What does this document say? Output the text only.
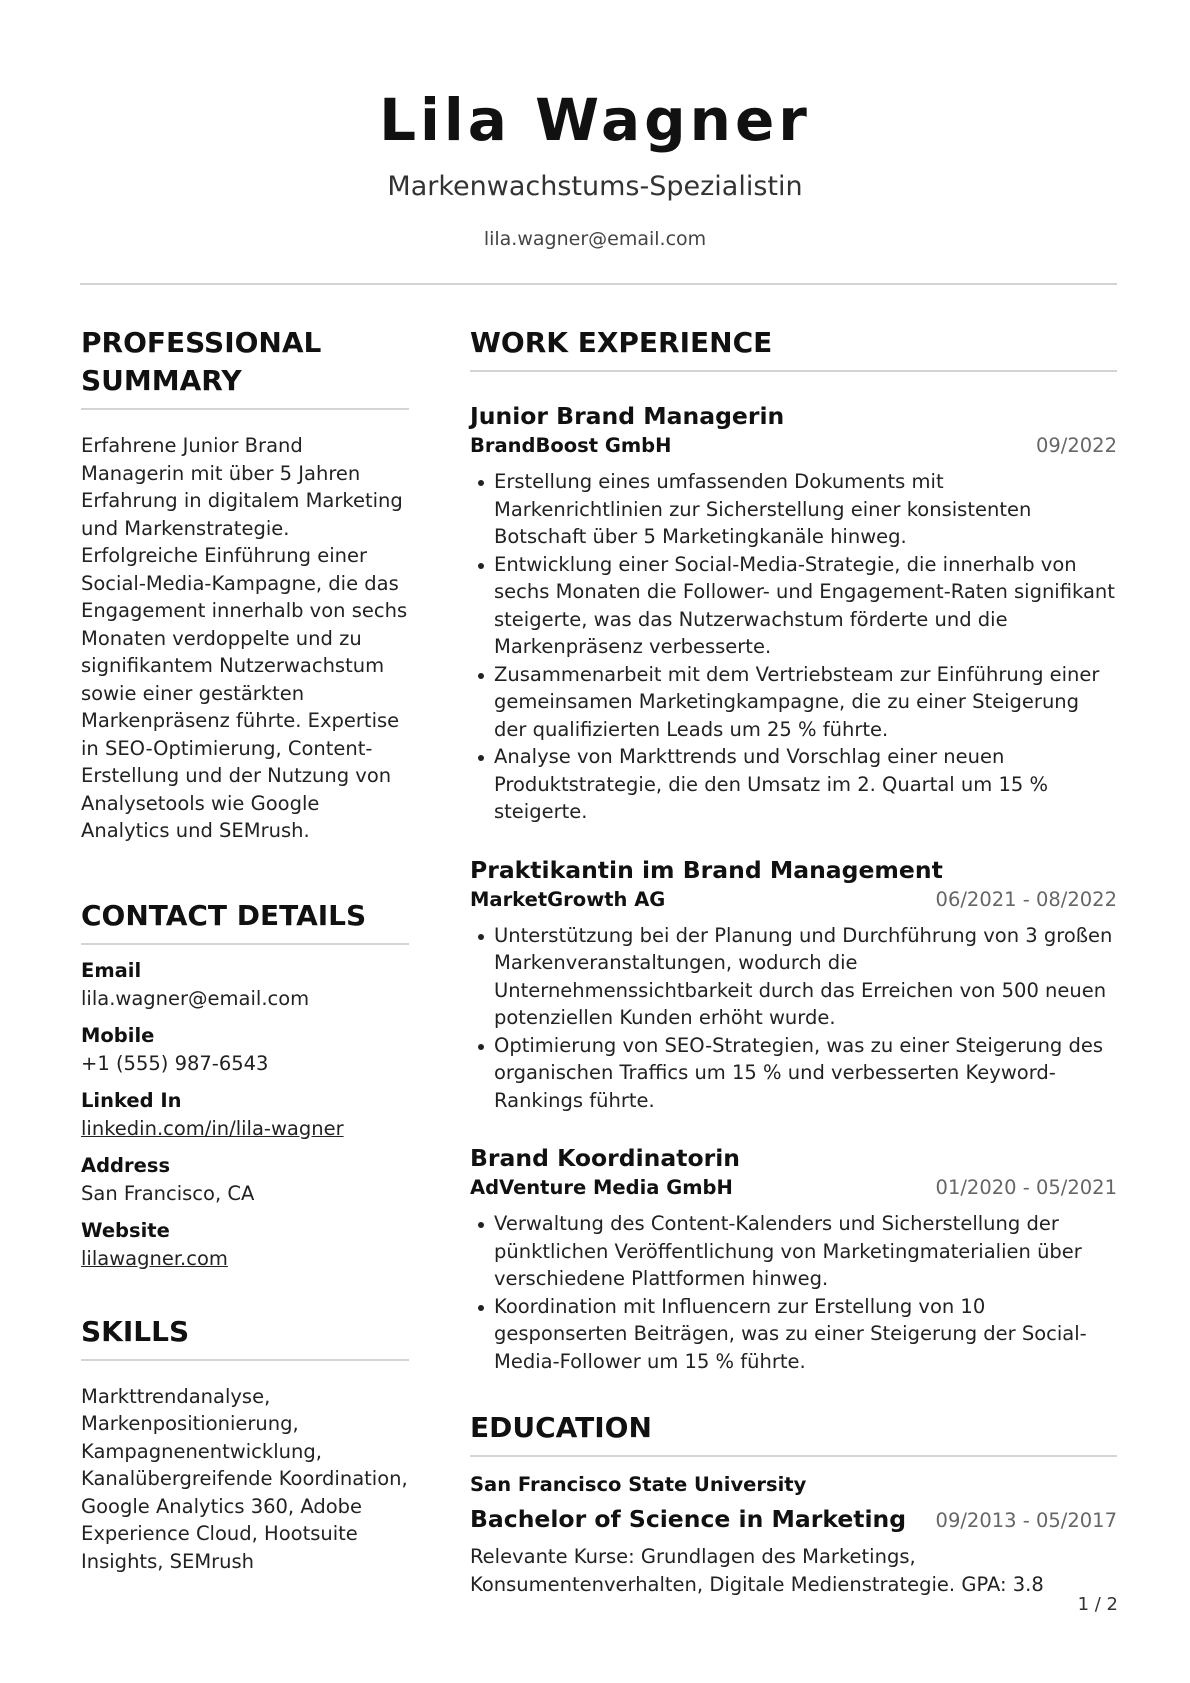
Lila Wagner
Markenwachstums-Spezialistin
lila.wagner@email.com
PROFESSIONAL SUMMARY
Erfahrene Junior Brand Managerin mit über 5 Jahren Erfahrung in digitalem Marketing und Markenstrategie. Erfolgreiche Einführung einer Social-Media-Kampagne, die das Engagement innerhalb von sechs Monaten verdoppelte und zu signifikantem Nutzerwachstum sowie einer gestärkten Markenpräsenz führte. Expertise in SEO-Optimierung, Content-Erstellung und der Nutzung von Analysetools wie Google Analytics und SEMrush.
CONTACT DETAILS
Email
lila.wagner@email.com
Mobile
+1 (555) 987-6543
Linked In
linkedin.com/in/lila-wagner
Address
San Francisco, CA
Website
lilawagner.com
SKILLS
Markttrendanalyse, Markenpositionierung, Kampagnenentwicklung, Kanalübergreifende Koordination, Google Analytics 360, Adobe Experience Cloud, Hootsuite Insights, SEMrush
WORK EXPERIENCE
Junior Brand Managerin
BrandBoost GmbH	09/2022
Erstellung eines umfassenden Dokuments mit Markenrichtlinien zur Sicherstellung einer konsistenten Botschaft über 5 Marketingkanäle hinweg.
Entwicklung einer Social-Media-Strategie, die innerhalb von sechs Monaten die Follower- und Engagement-Raten signifikant steigerte, was das Nutzerwachstum förderte und die Markenpräsenz verbesserte.
Zusammenarbeit mit dem Vertriebsteam zur Einführung einer gemeinsamen Marketingkampagne, die zu einer Steigerung der qualifizierten Leads um 25 % führte.
Analyse von Markttrends und Vorschlag einer neuen Produktstrategie, die den Umsatz im 2. Quartal um 15 % steigerte.
Praktikantin im Brand Management
MarketGrowth AG	06/2021 - 08/2022
Unterstützung bei der Planung und Durchführung von 3 großen Markenveranstaltungen, wodurch die Unternehmenssichtbarkeit durch das Erreichen von 500 neuen potenziellen Kunden erhöht wurde.
Optimierung von SEO-Strategien, was zu einer Steigerung des organischen Traffics um 15 % und verbesserten Keyword-Rankings führte.
Brand Koordinatorin
AdVenture Media GmbH	01/2020 - 05/2021
Verwaltung des Content-Kalenders und Sicherstellung der pünktlichen Veröffentlichung von Marketingmaterialien über verschiedene Plattformen hinweg.
Koordination mit Influencern zur Erstellung von 10 gesponserten Beiträgen, was zu einer Steigerung der Social-Media-Follower um 15 % führte.
EDUCATION
San Francisco State University
Bachelor of Science in Marketing 09/2013 - 05/2017
Relevante Kurse: Grundlagen des Marketings, Konsumentenverhalten, Digitale Medienstrategie. GPA: 3.8
1 / 2
